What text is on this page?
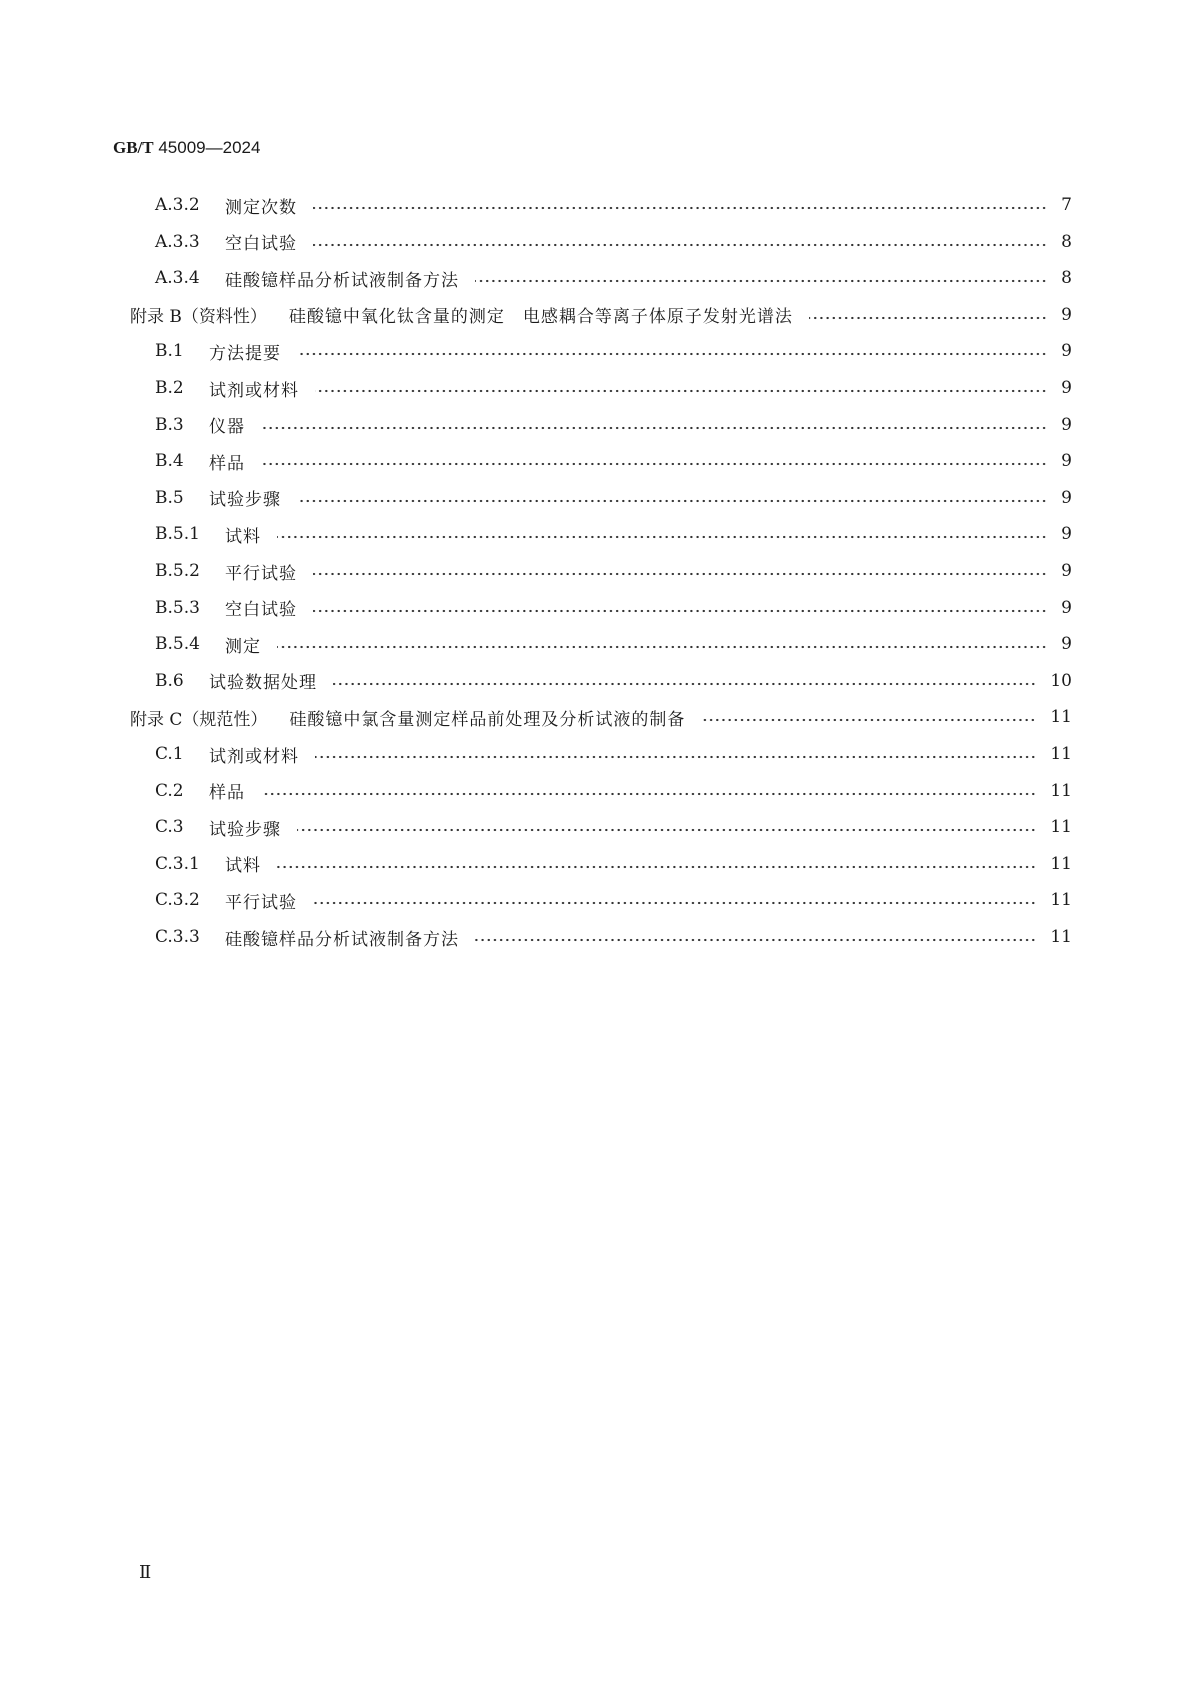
GB/T 45009—2024
A.3.2	测定次数	7
A.3.3	空白试验	8
A.3.4	硅酸镱样品分析试液制备方法	8
附录 B（资料性） 硅酸镱中氧化钛含量的测定　电感耦合等离子体原子发射光谱法	9
B.1	方法提要	9
B.2	试剂或材料	9
B.3	仪器	9
B.4	样品	9
B.5	试验步骤	9
B.5.1	试料	9
B.5.2	平行试验	9
B.5.3	空白试验	9
B.5.4	测定	9
B.6	试验数据处理	10
附录 C（规范性） 硅酸镱中氯含量测定样品前处理及分析试液的制备	11
C.1	试剂或材料	11
C.2	样品	11
C.3	试验步骤	11
C.3.1	试料	11
C.3.2	平行试验	11
C.3.3	硅酸镱样品分析试液制备方法	11
Ⅱ
